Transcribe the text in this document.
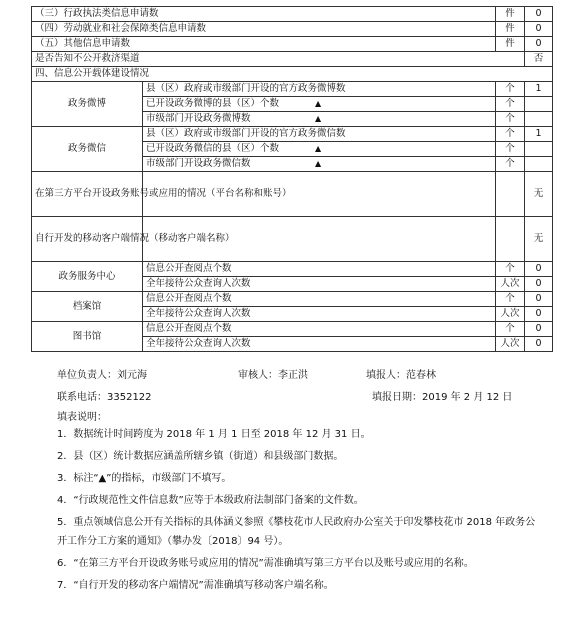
（三）行政执法类信息申请数		件	0
（四）劳动就业和社会保障类信息申请数		件	0
（五）其他信息申请数		件	0
是否告知不公开救济渠道			否
四、信息公开载体建设情况			
政务微博	县（区）政府或市级部门开设的官方政务微博数	个	1
	已开设政务微博的县（区）个数 ▲	个	
	市级部门开设政务微博数 ▲	个	
政务微信	县（区）政府或市级部门开设的官方政务微信数	个	1
	已开设政务微信的县（区）个数 ▲	个	
	市级部门开设政务微信数 ▲	个	
在第三方平台开设政务账号或应用的情况（平台名称和账号）			无
自行开发的移动客户端情况（移动客户端名称）			无
政务服务中心	信息公开查阅点个数	个	0
	全年接待公众查询人次数	人次	0
档案馆	信息公开查阅点个数	个	0
	全年接待公众查询人次数	人次	0
图书馆	信息公开查阅点个数	个	0
	全年接待公众查询人次数	人次	0
单位负责人：刘元海	审核人：李正洪	填报人：范春林
联系电话：3352122	填报日期：2019 年 2 月 12 日
填表说明：

1．数据统计时间跨度为 2018 年 1 月 1 日至 2018 年 12 月 31 日。

2．县（区）统计数据应涵盖所辖乡镇（街道）和县级部门数据。

3．标注“▲”的指标，市级部门不填写。

4．“行政规范性文件信息数”应等于本级政府法制部门备案的文件数。

5．重点领域信息公开有关指标的具体涵义参照《攀枝花市人民政府办公室关于印发攀枝花市 2018 年政务公开工作分工方案的通知》（攀办发〔2018〕94 号）。

6．“在第三方平台开设政务账号或应用的情况”需准确填写第三方平台以及账号或应用的名称。

7．“自行开发的移动客户端情况”需准确填写移动客户端名称。
